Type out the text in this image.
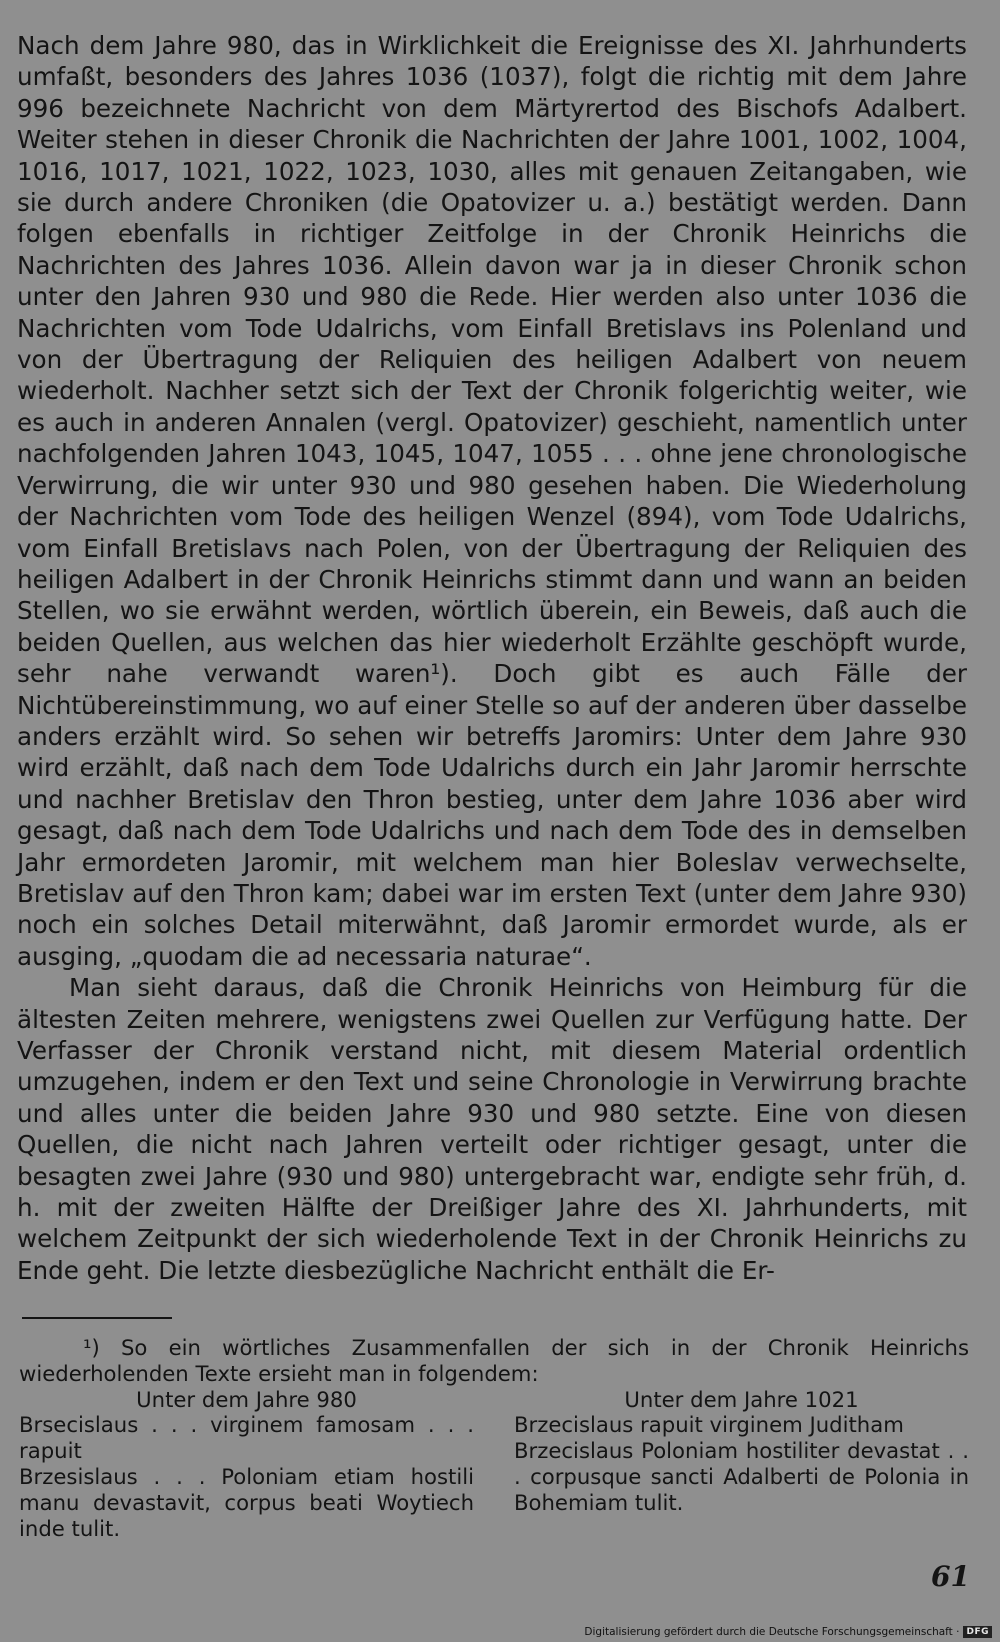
Nach dem Jahre 980, das in Wirklichkeit die Ereignisse des XI. Jahrhunderts umfaßt, besonders des Jahres 1036 (1037), folgt die richtig mit dem Jahre 996 bezeichnete Nachricht von dem Märtyrertod des Bischofs Adalbert. Weiter stehen in dieser Chronik die Nachrichten der Jahre 1001, 1002, 1004, 1016, 1017, 1021, 1022, 1023, 1030, alles mit genauen Zeitangaben, wie sie durch andere Chroniken (die Opatovizer u. a.) bestätigt werden. Dann folgen ebenfalls in richtiger Zeitfolge in der Chronik Heinrichs die Nachrichten des Jahres 1036. Allein davon war ja in dieser Chronik schon unter den Jahren 930 und 980 die Rede. Hier werden also unter 1036 die Nachrichten vom Tode Udalrichs, vom Einfall Bretislavs ins Polenland und von der Übertragung der Reliquien des heiligen Adalbert von neuem wiederholt. Nachher setzt sich der Text der Chronik folgerichtig weiter, wie es auch in anderen Annalen (vergl. Opatovizer) geschieht, namentlich unter nachfolgenden Jahren 1043, 1045, 1047, 1055 . . . ohne jene chronologische Verwirrung, die wir unter 930 und 980 gesehen haben. Die Wiederholung der Nachrichten vom Tode des heiligen Wenzel (894), vom Tode Udalrichs, vom Einfall Bretislavs nach Polen, von der Übertragung der Reliquien des heiligen Adalbert in der Chronik Heinrichs stimmt dann und wann an beiden Stellen, wo sie erwähnt werden, wörtlich überein, ein Beweis, daß auch die beiden Quellen, aus welchen das hier wiederholt Erzählte geschöpft wurde, sehr nahe verwandt waren¹). Doch gibt es auch Fälle der Nichtübereinstimmung, wo auf einer Stelle so auf der anderen über dasselbe anders erzählt wird. So sehen wir betreffs Jaromirs: Unter dem Jahre 930 wird erzählt, daß nach dem Tode Udalrichs durch ein Jahr Jaromir herrschte und nachher Bretislav den Thron bestieg, unter dem Jahre 1036 aber wird gesagt, daß nach dem Tode Udalrichs und nach dem Tode des in demselben Jahr ermordeten Jaromir, mit welchem man hier Boleslav verwechselte, Bretislav auf den Thron kam; dabei war im ersten Text (unter dem Jahre 930) noch ein solches Detail miterwähnt, daß Jaromir ermordet wurde, als er ausging, „quodam die ad necessaria naturae“.

Man sieht daraus, daß die Chronik Heinrichs von Heimburg für die ältesten Zeiten mehrere, wenigstens zwei Quellen zur Verfügung hatte. Der Verfasser der Chronik verstand nicht, mit diesem Material ordentlich umzugehen, indem er den Text und seine Chronologie in Verwirrung brachte und alles unter die beiden Jahre 930 und 980 setzte. Eine von diesen Quellen, die nicht nach Jahren verteilt oder richtiger gesagt, unter die besagten zwei Jahre (930 und 980) untergebracht war, endigte sehr früh, d. h. mit der zweiten Hälfte der Dreißiger Jahre des XI. Jahrhunderts, mit welchem Zeitpunkt der sich wiederholende Text in der Chronik Heinrichs zu Ende geht. Die letzte diesbezügliche Nachricht enthält die Er-

¹) So ein wörtliches Zusammenfallen der sich in der Chronik Heinrichs wiederholenden Texte ersieht man in folgendem:

Unter dem Jahre 980
Brsecislaus . . . virginem famosam . . . rapuit
Brzesislaus . . . Poloniam etiam hostili manu devastavit, corpus beati Woytiech inde tulit.
Unter dem Jahre 1021
Brzecislaus rapuit virginem Juditham
Brzecislaus Poloniam hostiliter devastat . . . corpusque sancti Adalberti de Polonia in Bohemiam tulit.
61
Digitalisierung gefördert durch die Deutsche Forschungsgemeinschaft · DFG
